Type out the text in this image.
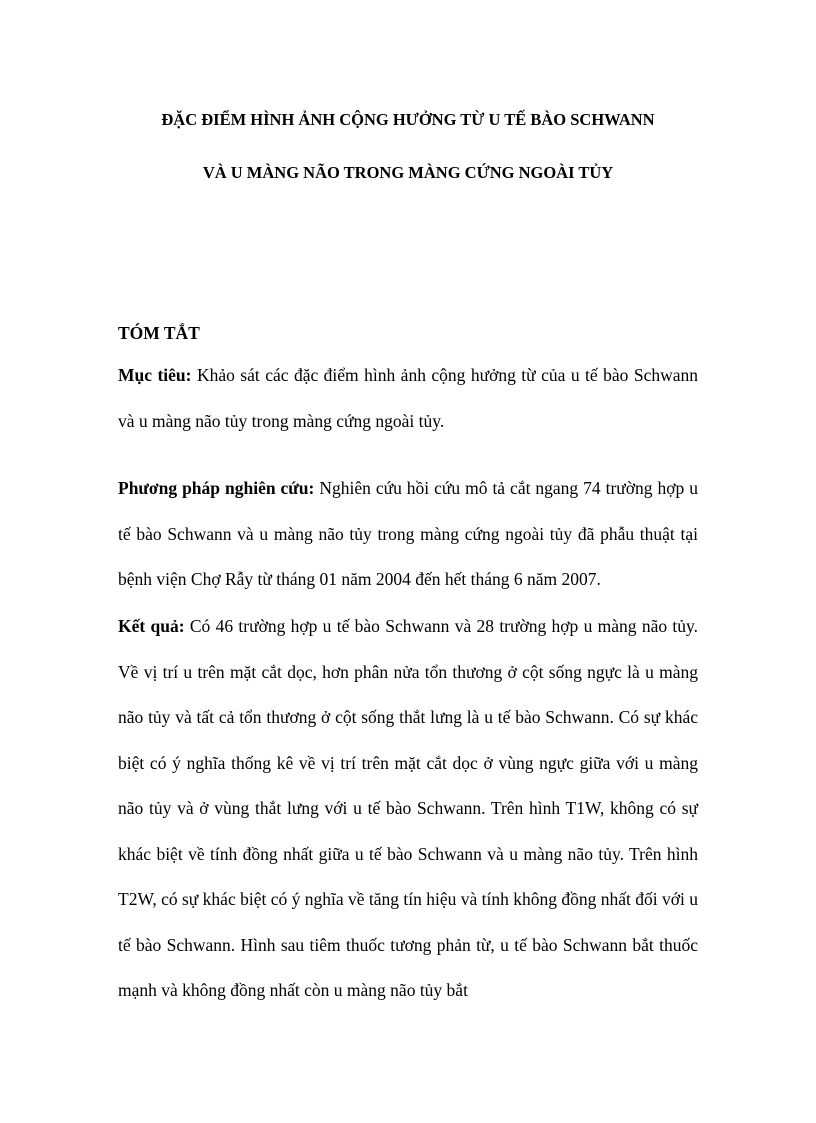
ĐẶC ĐIỂM HÌNH ẢNH CỘNG HƯỞNG TỪ U TẾ BÀO SCHWANN
VÀ U MÀNG NÃO TRONG MÀNG CỨNG NGOÀI TỦY
TÓM TẮT

Mục tiêu: Khảo sát các đặc điểm hình ảnh cộng hưởng từ của u tế bào Schwann và u màng não tủy trong màng cứng ngoài tủy.

Phương pháp nghiên cứu: Nghiên cứu hồi cứu mô tả cắt ngang 74 trường hợp u tế bào Schwann và u màng não tủy trong màng cứng ngoài tủy đã phẫu thuật tại bệnh viện Chợ Rẫy từ tháng 01 năm 2004 đến hết tháng 6 năm 2007.

Kết quả: Có 46 trường hợp u tế bào Schwann và 28 trường hợp u màng não tủy. Về vị trí u trên mặt cắt dọc, hơn phân nửa tổn thương ở cột sống ngực là u màng não tủy và tất cả tổn thương ở cột sống thắt lưng là u tế bào Schwann. Có sự khác biệt có ý nghĩa thống kê về vị trí trên mặt cắt dọc ở vùng ngực giữa với u màng não tủy và ở vùng thắt lưng với u tế bào Schwann. Trên hình T1W, không có sự khác biệt về tính đồng nhất giữa u tế bào Schwann và u màng não tủy. Trên hình T2W, có sự khác biệt có ý nghĩa về tăng tín hiệu và tính không đồng nhất đối với u tế bào Schwann. Hình sau tiêm thuốc tương phản từ, u tế bào Schwann bắt thuốc mạnh và không đồng nhất còn u màng não tủy bắt
